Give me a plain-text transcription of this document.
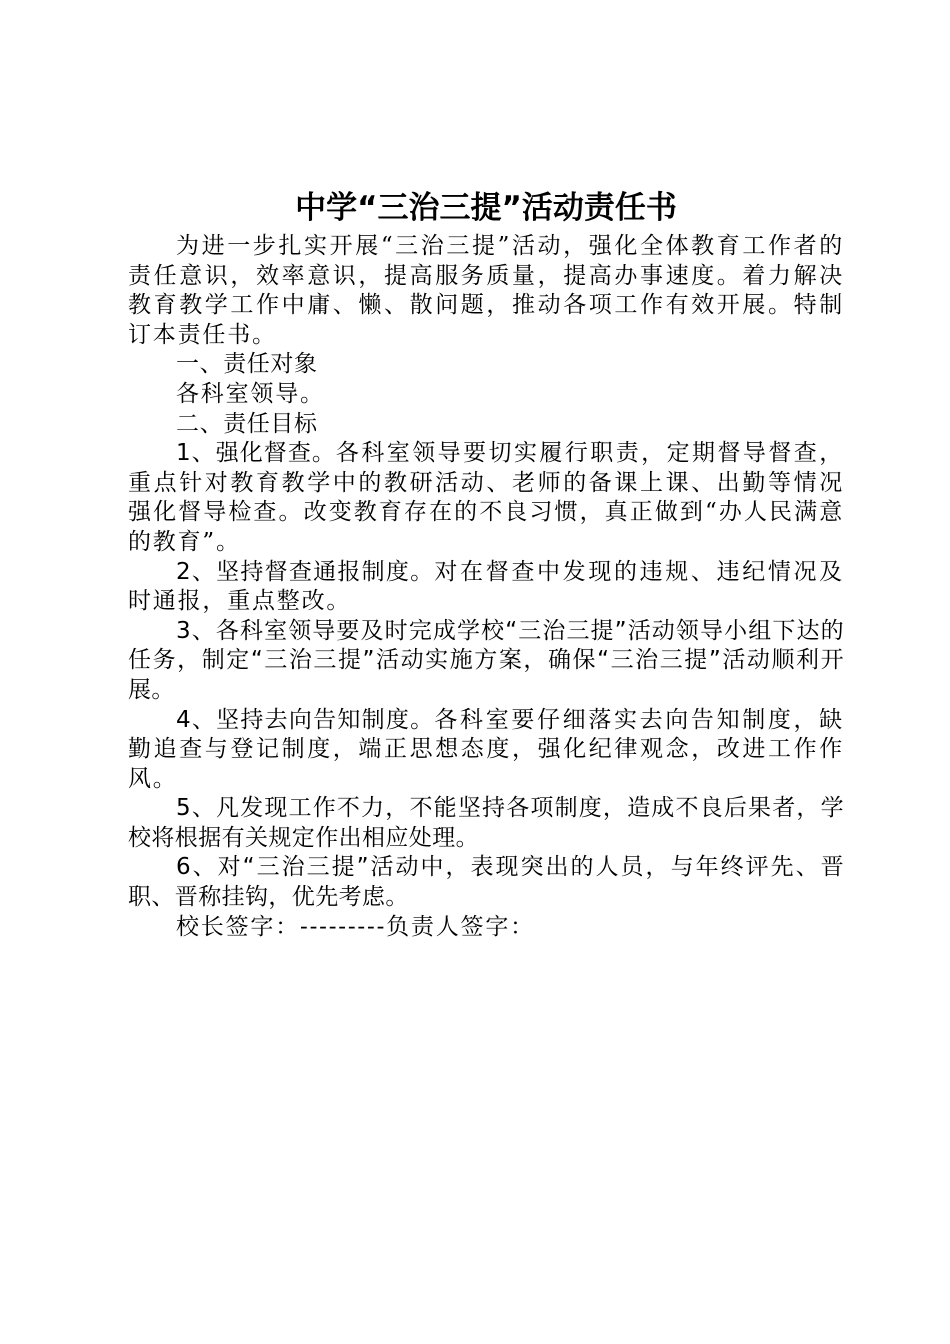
中学“三治三提”活动责任书

为进一步扎实开展“三治三提”活动，强化全体教育工作者的责任意识，效率意识，提高服务质量，提高办事速度。着力解决教育教学工作中庸、懒、散问题，推动各项工作有效开展。特制订本责任书。

一、责任对象

各科室领导。

二、责任目标

1、强化督查。各科室领导要切实履行职责，定期督导督查，重点针对教育教学中的教研活动、老师的备课上课、出勤等情况强化督导检查。改变教育存在的不良习惯，真正做到“办人民满意的教育”。

2、坚持督查通报制度。对在督查中发现的违规、违纪情况及时通报，重点整改。

3、各科室领导要及时完成学校“三治三提”活动领导小组下达的任务，制定“三治三提”活动实施方案，确保“三治三提”活动顺利开展。

4、坚持去向告知制度。各科室要仔细落实去向告知制度，缺勤追查与登记制度，端正思想态度，强化纪律观念，改进工作作风。

5、凡发现工作不力，不能坚持各项制度，造成不良后果者，学校将根据有关规定作出相应处理。

6、对“三治三提”活动中，表现突出的人员，与年终评先、晋职、晋称挂钩，优先考虑。

校长签字：---------负责人签字：
